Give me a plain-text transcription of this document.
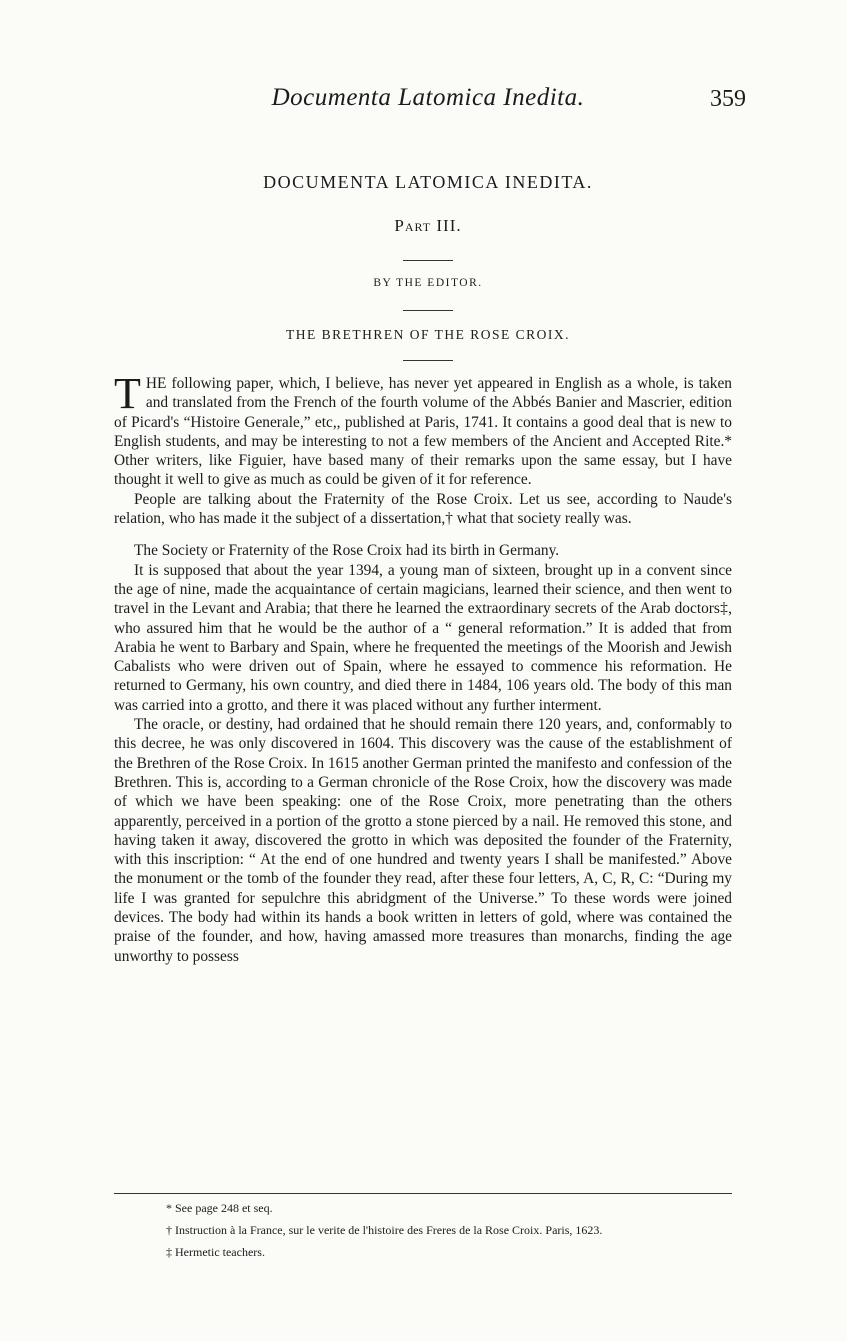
Documenta Latomica Inedita.	359
DOCUMENTA LATOMICA INEDITA.
Part III.
BY THE EDITOR.
THE BRETHREN OF THE ROSE CROIX.

THE following paper, which, I believe, has never yet appeared in English as a whole, is taken and translated from the French of the fourth volume of the Abbés Banier and Mascrier, edition of Picard's “Histoire Generale,” etc,, published at Paris, 1741. It contains a good deal that is new to English students, and may be interesting to not a few members of the Ancient and Accepted Rite.* Other writers, like Figuier, have based many of their remarks upon the same essay, but I have thought it well to give as much as could be given of it for reference.

People are talking about the Fraternity of the Rose Croix. Let us see, according to Naude's relation, who has made it the subject of a dissertation,† what that society really was.

The Society or Fraternity of the Rose Croix had its birth in Germany.

It is supposed that about the year 1394, a young man of sixteen, brought up in a convent since the age of nine, made the acquaintance of certain magicians, learned their science, and then went to travel in the Levant and Arabia; that there he learned the extraordinary secrets of the Arab doctors‡, who assured him that he would be the author of a “ general reformation.” It is added that from Arabia he went to Barbary and Spain, where he frequented the meetings of the Moorish and Jewish Cabalists who were driven out of Spain, where he essayed to commence his reformation. He returned to Germany, his own country, and died there in 1484, 106 years old. The body of this man was carried into a grotto, and there it was placed without any further interment.

The oracle, or destiny, had ordained that he should remain there 120 years, and, conformably to this decree, he was only discovered in 1604. This discovery was the cause of the establishment of the Brethren of the Rose Croix. In 1615 another German printed the manifesto and confession of the Brethren. This is, according to a German chronicle of the Rose Croix, how the discovery was made of which we have been speaking: one of the Rose Croix, more penetrating than the others apparently, perceived in a portion of the grotto a stone pierced by a nail. He removed this stone, and having taken it away, discovered the grotto in which was deposited the founder of the Fraternity, with this inscription: “ At the end of one hundred and twenty years I shall be manifested.” Above the monument or the tomb of the founder they read, after these four letters, A, C, R, C: “During my life I was granted for sepulchre this abridgment of the Universe.” To these words were joined devices. The body had within its hands a book written in letters of gold, where was contained the praise of the founder, and how, having amassed more treasures than monarchs, finding the age unworthy to possess

* See page 248 et seq.
† Instruction à la France, sur le verite de l'histoire des Freres de la Rose Croix. Paris, 1623.
‡ Hermetic teachers.
